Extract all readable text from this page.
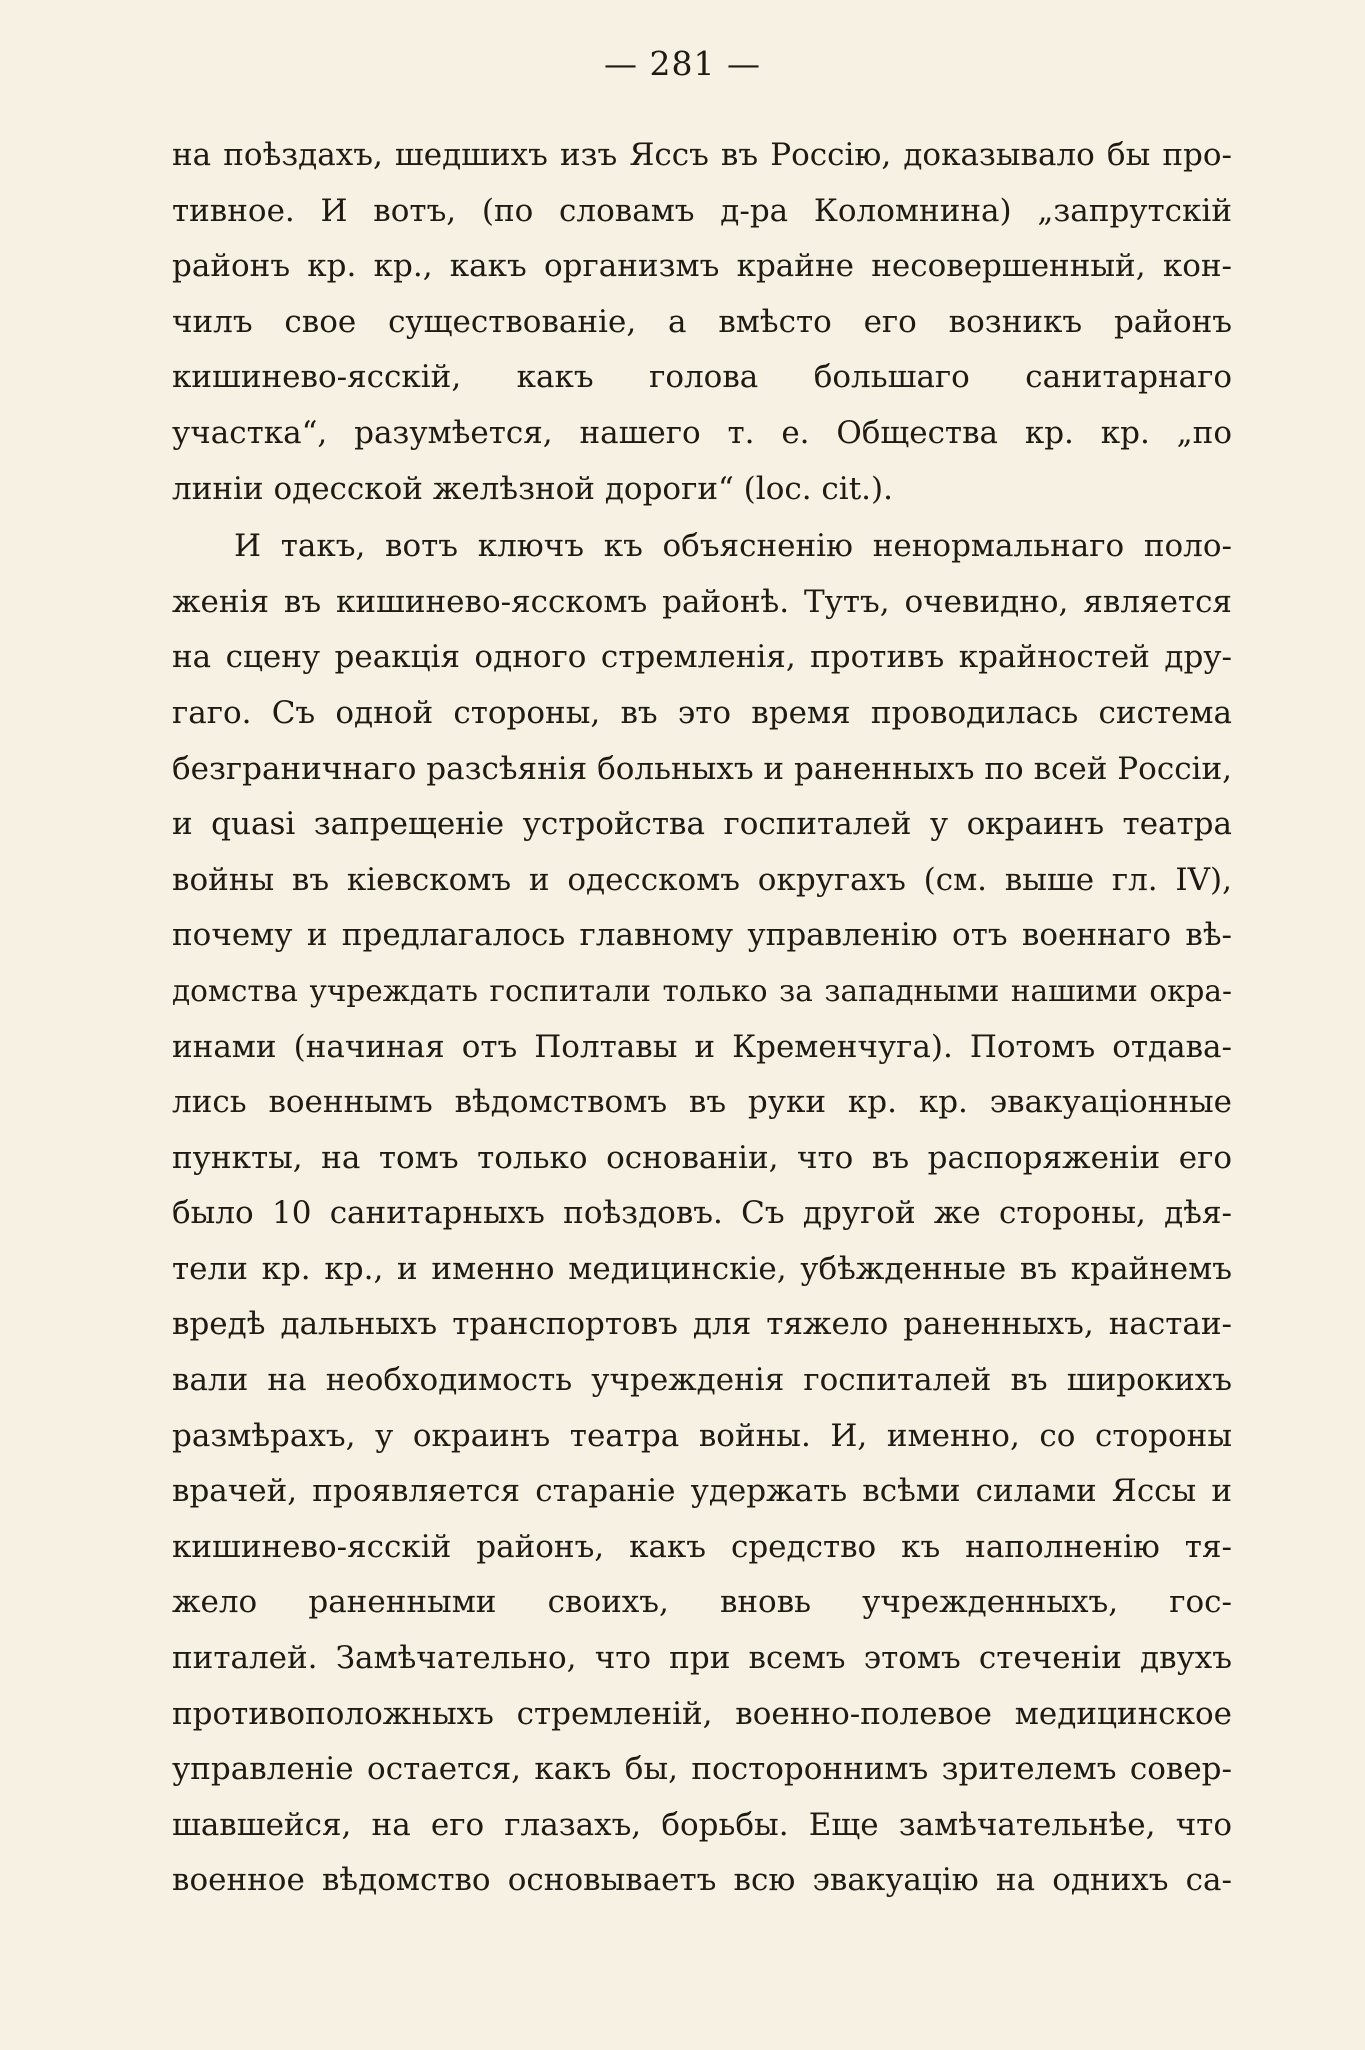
— 281 —
на поѣздахъ, шедшихъ изъ Яссъ въ Россію, доказывало бы про-
тивное. И вотъ, (по словамъ д-ра Коломнина) „запрутскій
районъ кр. кр., какъ организмъ крайне несовершенный, кон-
чилъ свое существованіе, а вмѣсто его возникъ районъ
кишинево-ясскій, какъ голова большаго санитарнаго
участка“, разумѣется, нашего т. е. Общества кр. кр. „по
линіи одесской желѣзной дороги“ (loc. cit.).
И такъ, вотъ ключъ къ объясненію ненормальнаго поло-
женія въ кишинево-ясскомъ районѣ. Тутъ, очевидно, является
на сцену реакція одного стремленія, противъ крайностей дру-
гаго. Съ одной стороны, въ это время проводилась система
безграничнаго разсѣянія больныхъ и раненныхъ по всей Россіи,
и quasi запрещеніе устройства госпиталей у окраинъ театра
войны въ кіевскомъ и одесскомъ округахъ (см. выше гл. IV),
почему и предлагалось главному управленію отъ военнаго вѣ-
домства учреждать госпитали только за западными нашими окра-
инами (начиная отъ Полтавы и Кременчуга). Потомъ отдава-
лись военнымъ вѣдомствомъ въ руки кр. кр. эвакуаціонные
пункты, на томъ только основаніи, что въ распоряженіи его
было 10 санитарныхъ поѣздовъ. Съ другой же стороны, дѣя-
тели кр. кр., и именно медицинскіе, убѣжденные въ крайнемъ
вредѣ дальныхъ транспортовъ для тяжело раненныхъ, настаи-
вали на необходимость учрежденія госпиталей въ широкихъ
размѣрахъ, у окраинъ театра войны. И, именно, со стороны
врачей, проявляется стараніе удержать всѣми силами Яссы и
кишинево-ясскій районъ, какъ средство къ наполненію тя-
жело раненными своихъ, вновь учрежденныхъ, гос-
питалей. Замѣчательно, что при всемъ этомъ стеченіи двухъ
противоположныхъ стремленій, военно-полевое медицинское
управленіе остается, какъ бы, постороннимъ зрителемъ совер-
шавшейся, на его глазахъ, борьбы. Еще замѣчательнѣе, что
военное вѣдомство основываетъ всю эвакуацію на однихъ са-
